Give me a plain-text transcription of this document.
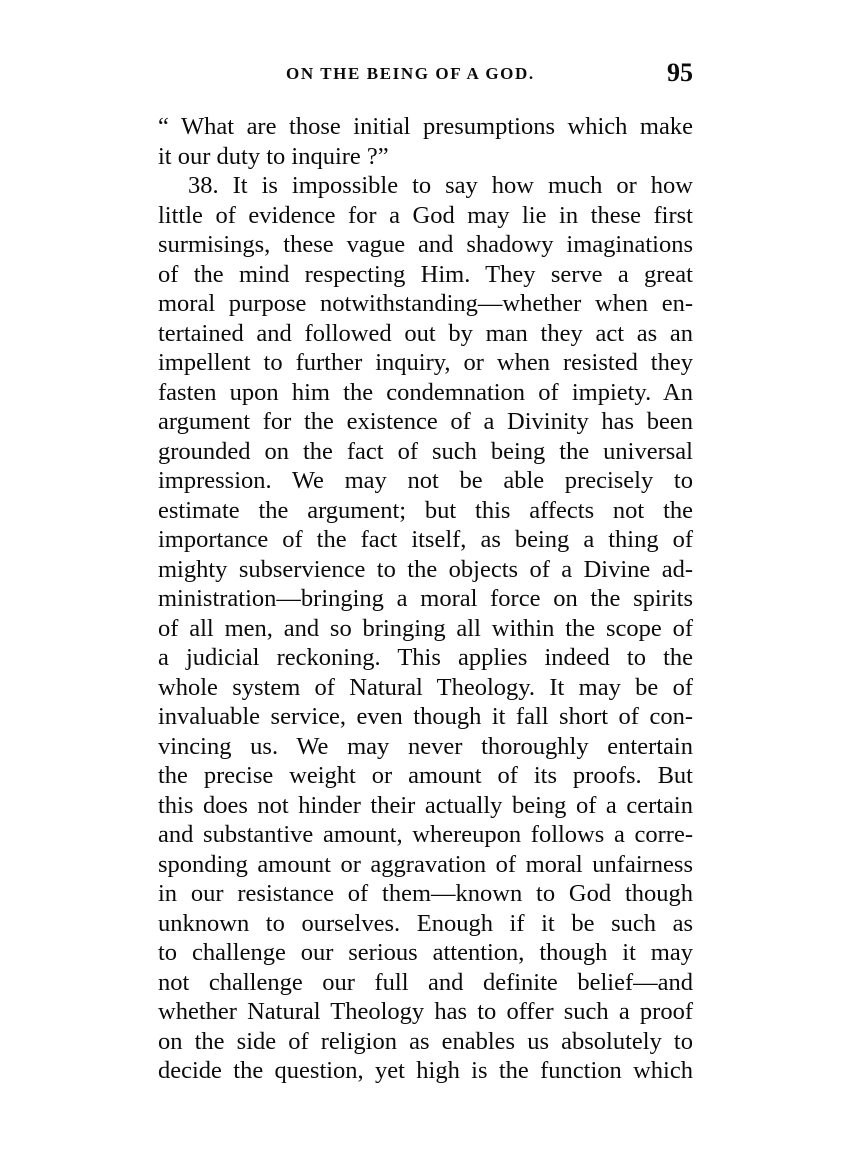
ON THE BEING OF A GOD.	95
“ What are those initial presumptions which make
it our duty to inquire ?”
38. It is impossible to say how much or how
little of evidence for a God may lie in these first
surmisings, these vague and shadowy imaginations
of the mind respecting Him. They serve a great
moral purpose notwithstanding—whether when en-
tertained and followed out by man they act as an
impellent to further inquiry, or when resisted they
fasten upon him the condemnation of impiety. An
argument for the existence of a Divinity has been
grounded on the fact of such being the universal
impression. We may not be able precisely to
estimate the argument; but this affects not the
importance of the fact itself, as being a thing of
mighty subservience to the objects of a Divine ad-
ministration—bringing a moral force on the spirits
of all men, and so bringing all within the scope of
a judicial reckoning. This applies indeed to the
whole system of Natural Theology. It may be of
invaluable service, even though it fall short of con-
vincing us. We may never thoroughly entertain
the precise weight or amount of its proofs. But
this does not hinder their actually being of a certain
and substantive amount, whereupon follows a corre-
sponding amount or aggravation of moral unfairness
in our resistance of them—known to God though
unknown to ourselves. Enough if it be such as
to challenge our serious attention, though it may
not challenge our full and definite belief—and
whether Natural Theology has to offer such a proof
on the side of religion as enables us absolutely to
decide the question, yet high is the function which
